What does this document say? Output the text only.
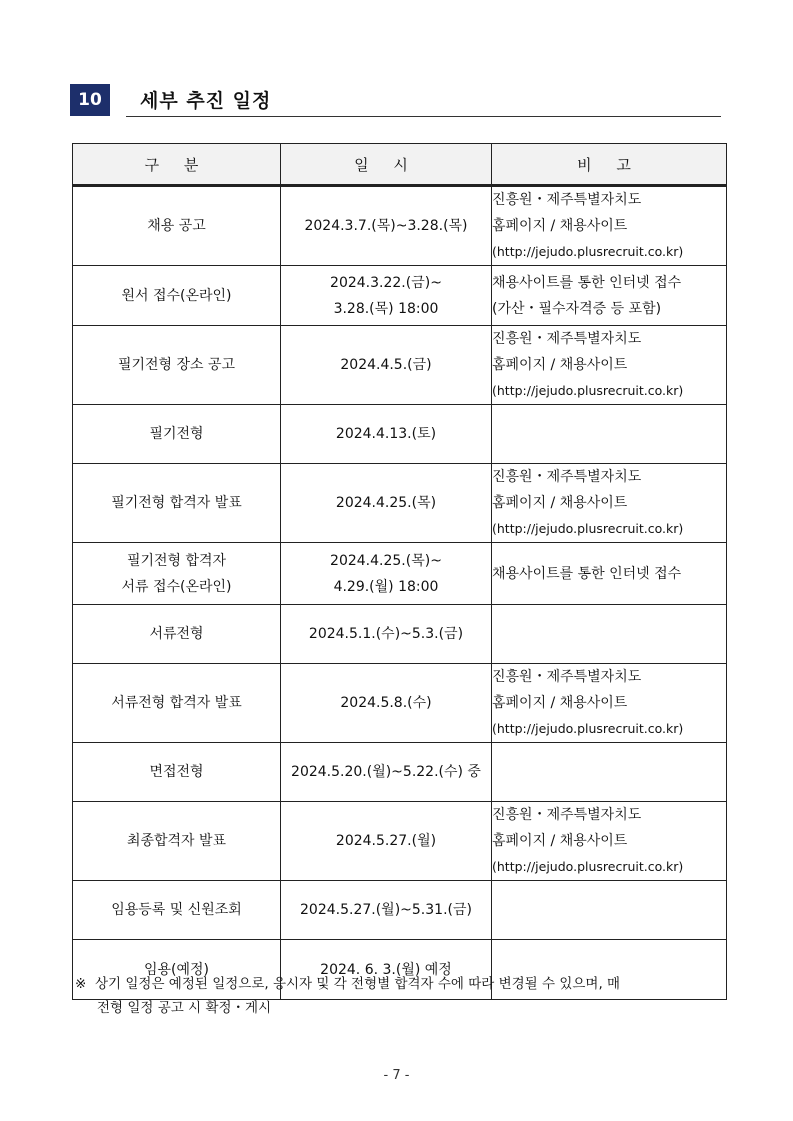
10	세부 추진 일정
구 분	일 시	비 고

채용 공고	2024.3.7.(목)~3.28.(목)	진흥원・제주특별자치도
홈페이지 / 채용사이트
(http://jejudo.plusrecruit.co.kr)

원서 접수(온라인)	2024.3.22.(금)~
3.28.(목) 18:00	채용사이트를 통한 인터넷 접수
(가산・필수자격증 등 포함)

필기전형 장소 공고	2024.4.5.(금)	진흥원・제주특별자치도
홈페이지 / 채용사이트
(http://jejudo.plusrecruit.co.kr)

필기전형	2024.4.13.(토)	

필기전형 합격자 발표	2024.4.25.(목)	진흥원・제주특별자치도
홈페이지 / 채용사이트
(http://jejudo.plusrecruit.co.kr)

필기전형 합격자
서류 접수(온라인)	2024.4.25.(목)~
4.29.(월) 18:00	채용사이트를 통한 인터넷 접수

서류전형	2024.5.1.(수)~5.3.(금)	

서류전형 합격자 발표	2024.5.8.(수)	진흥원・제주특별자치도
홈페이지 / 채용사이트
(http://jejudo.plusrecruit.co.kr)

면접전형	2024.5.20.(월)~5.22.(수) 중	

최종합격자 발표	2024.5.27.(월)	진흥원・제주특별자치도
홈페이지 / 채용사이트
(http://jejudo.plusrecruit.co.kr)

임용등록 및 신원조회	2024.5.27.(월)~5.31.(금)	

임용(예정)	2024. 6. 3.(월) 예정	

※ 상기 일정은 예정된 일정으로, 응시자 및 각 전형별 합격자 수에 따라 변경될 수 있으며, 매
전형 일정 공고 시 확정・게시
- 7 -
